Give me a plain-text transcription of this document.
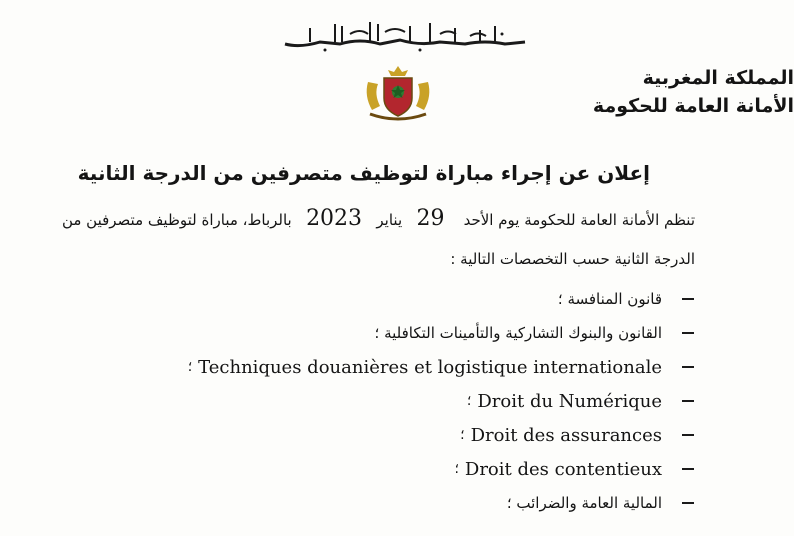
المملكة المغربية
الأمانة العامة للحكومة
إعلان عن إجراء مباراة لتوظيف متصرفين من الدرجة الثانية
تنظم الأمانة العامة للحكومة يوم الأحد    29   يناير   2023   بالرباط، مباراة لتوظيف متصرفين من
الدرجة الثانية حسب التخصصات التالية :
قانون المنافسة ؛
القانون والبنوك التشاركية والتأمينات التكافلية ؛
؛ Techniques douanières et logistique internationale
؛ Droit du Numérique
؛ Droit des assurances
؛ Droit des contentieux
المالية العامة والضرائب ؛
